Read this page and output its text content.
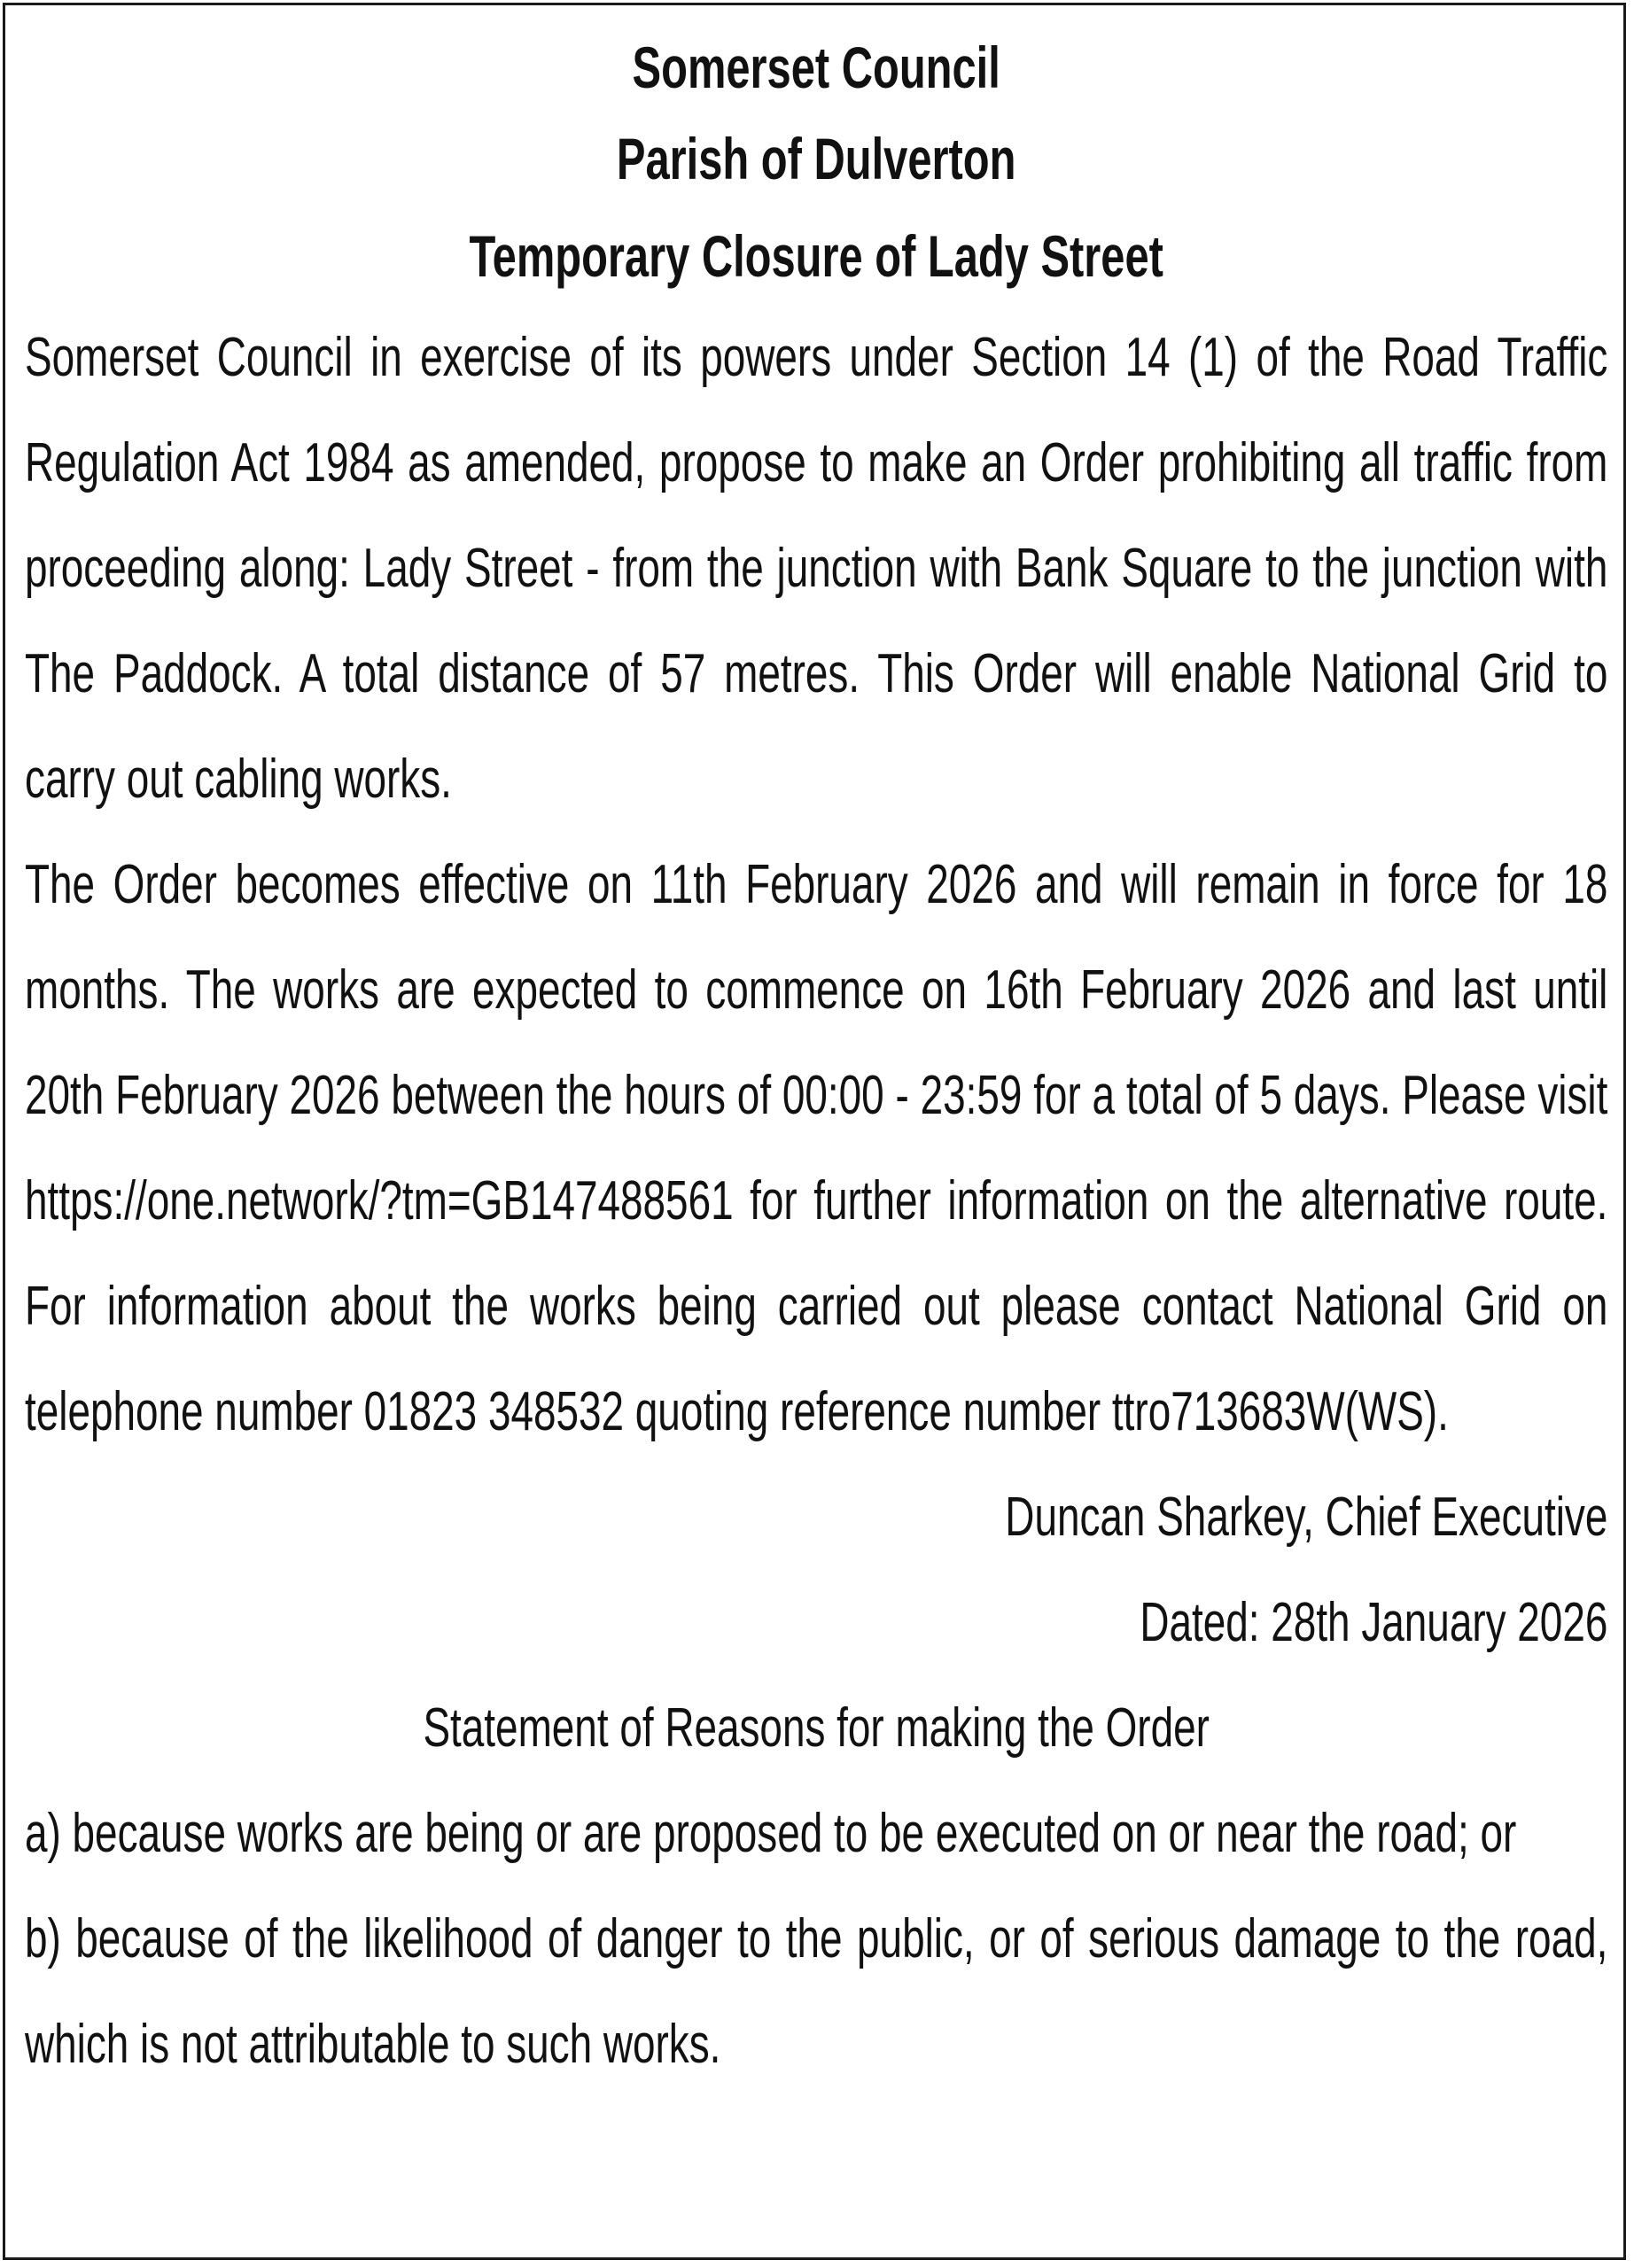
Somerset Council

Parish of Dulverton

Temporary Closure of Lady Street

Somerset Council in exercise of its powers under Section 14 (1) of the Road Traffic Regulation Act 1984 as amended, propose to make an Order prohibiting all traffic from proceeding along: Lady Street - from the junction with Bank Square to the junction with The Paddock. A total distance of 57 metres. This Order will enable National Grid to carry out cabling works.

The Order becomes effective on 11th February 2026 and will remain in force for 18 months. The works are expected to commence on 16th February 2026 and last until 20th February 2026 between the hours of 00:00 - 23:59 for a total of 5 days. Please visit https://one.network/?tm=GB147488561 for further information on the alternative route. For information about the works being carried out please contact National Grid on telephone number 01823 348532 quoting reference number ttro713683W(WS).

Duncan Sharkey, Chief Executive

Dated: 28th January 2026

Statement of Reasons for making the Order

a) because works are being or are proposed to be executed on or near the road; or

b) because of the likelihood of danger to the public, or of serious damage to the road, which is not attributable to such works.
